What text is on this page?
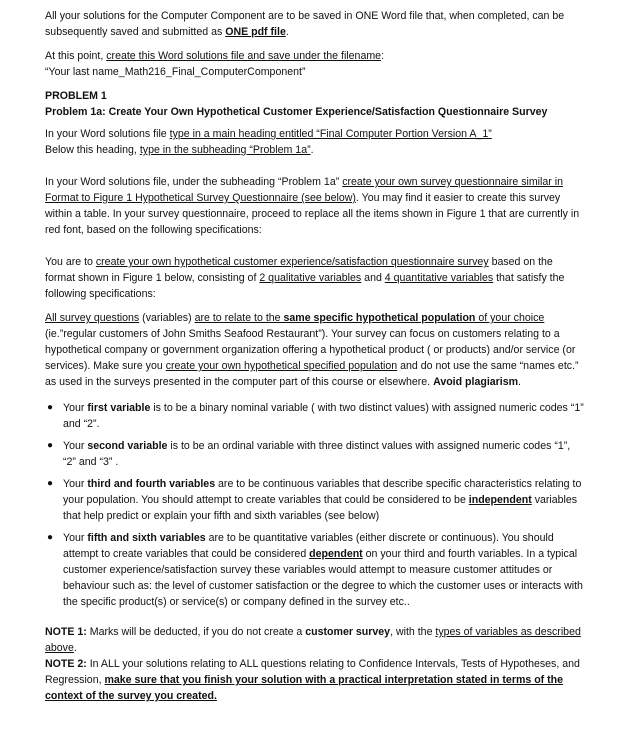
All your solutions for the Computer Component are to be saved in ONE Word file that, when completed, can be subsequently saved and submitted as ONE pdf file.

At this point, create this Word solutions file and save under the filename:
“Your last name_Math216_Final_ComputerComponent”

PROBLEM 1

Problem 1a: Create Your Own Hypothetical Customer Experience/Satisfaction Questionnaire Survey

In your Word solutions file type in a main heading entitled “Final Computer Portion Version A_1”
Below this heading, type in the subheading “Problem 1a”.

In your Word solutions file, under the subheading “Problem 1a” create your own survey questionnaire similar in Format to Figure 1 Hypothetical Survey Questionnaire (see below). You may find it easier to create this survey within a table. In your survey questionnaire, proceed to replace all the items shown in Figure 1 that are currently in red font, based on the following specifications:

You are to create your own hypothetical customer experience/satisfaction questionnaire survey based on the format shown in Figure 1 below, consisting of 2 qualitative variables and 4 quantitative variables that satisfy the following specifications:

All survey questions (variables) are to relate to the same specific hypothetical population of your choice (ie.”regular customers of John Smiths Seafood Restaurant”). Your survey can focus on customers relating to a hypothetical company or government organization offering a hypothetical product ( or products) and/or service (or services). Make sure you create your own hypothetical specified population and do not use the same “names etc.” as used in the surveys presented in the computer part of this course or elsewhere. Avoid plagiarism.

● Your first variable is to be a binary nominal variable ( with two distinct values) with assigned numeric codes “1” and “2”.
● Your second variable is to be an ordinal variable with three distinct values with assigned numeric codes “1”, “2” and “3” .
● Your third and fourth variables are to be continuous variables that describe specific characteristics relating to your population. You should attempt to create variables that could be considered to be independent variables that help predict or explain your fifth and sixth variables (see below)
● Your fifth and sixth variables are to be quantitative variables (either discrete or continuous). You should attempt to create variables that could be considered dependent on your third and fourth variables. In a typical customer experience/satisfaction survey these variables would attempt to measure customer attitudes or behaviour such as: the level of customer satisfaction or the degree to which the customer uses or interacts with the specific product(s) or service(s) or company defined in the survey etc..

NOTE 1: Marks will be deducted, if you do not create a customer survey, with the types of variables as described above.

NOTE 2: In ALL your solutions relating to ALL questions relating to Confidence Intervals, Tests of Hypotheses, and Regression, make sure that you finish your solution with a practical interpretation stated in terms of the context of the survey you created.
